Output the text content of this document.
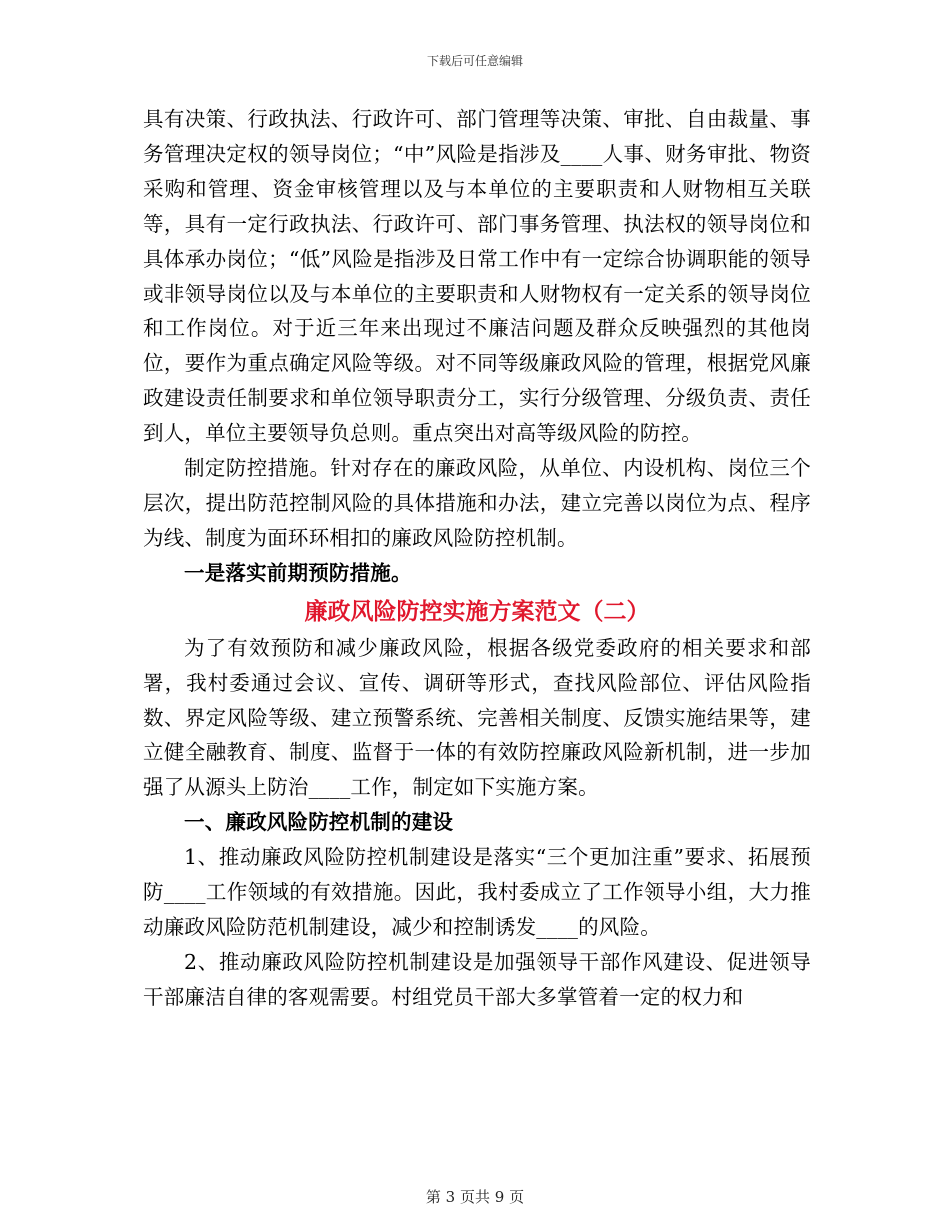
下载后可任意编辑

具有决策、行政执法、行政许可、部门管理等决策、审批、自由裁量、事务管理决定权的领导岗位；“中”风险是指涉及____人事、财务审批、物资采购和管理、资金审核管理以及与本单位的主要职责和人财物相互关联等，具有一定行政执法、行政许可、部门事务管理、执法权的领导岗位和具体承办岗位；“低”风险是指涉及日常工作中有一定综合协调职能的领导或非领导岗位以及与本单位的主要职责和人财物权有一定关系的领导岗位和工作岗位。对于近三年来出现过不廉洁问题及群众反映强烈的其他岗位，要作为重点确定风险等级。对不同等级廉政风险的管理，根据党风廉政建设责任制要求和单位领导职责分工，实行分级管理、分级负责、责任到人，单位主要领导负总则。重点突出对高等级风险的防控。

制定防控措施。针对存在的廉政风险，从单位、内设机构、岗位三个层次，提出防范控制风险的具体措施和办法，建立完善以岗位为点、程序为线、制度为面环环相扣的廉政风险防控机制。

一是落实前期预防措施。

廉政风险防控实施方案范文（二）

为了有效预防和减少廉政风险，根据各级党委政府的相关要求和部署，我村委通过会议、宣传、调研等形式，查找风险部位、评估风险指数、界定风险等级、建立预警系统、完善相关制度、反馈实施结果等，建立健全融教育、制度、监督于一体的有效防控廉政风险新机制，进一步加强了从源头上防治____工作，制定如下实施方案。

一、廉政风险防控机制的建设

1、推动廉政风险防控机制建设是落实“三个更加注重”要求、拓展预防____工作领域的有效措施。因此，我村委成立了工作领导小组，大力推动廉政风险防范机制建设，减少和控制诱发____的风险。

2、推动廉政风险防控机制建设是加强领导干部作风建设、促进领导干部廉洁自律的客观需要。村组党员干部大多掌管着一定的权力和

第 3 页共 9 页
